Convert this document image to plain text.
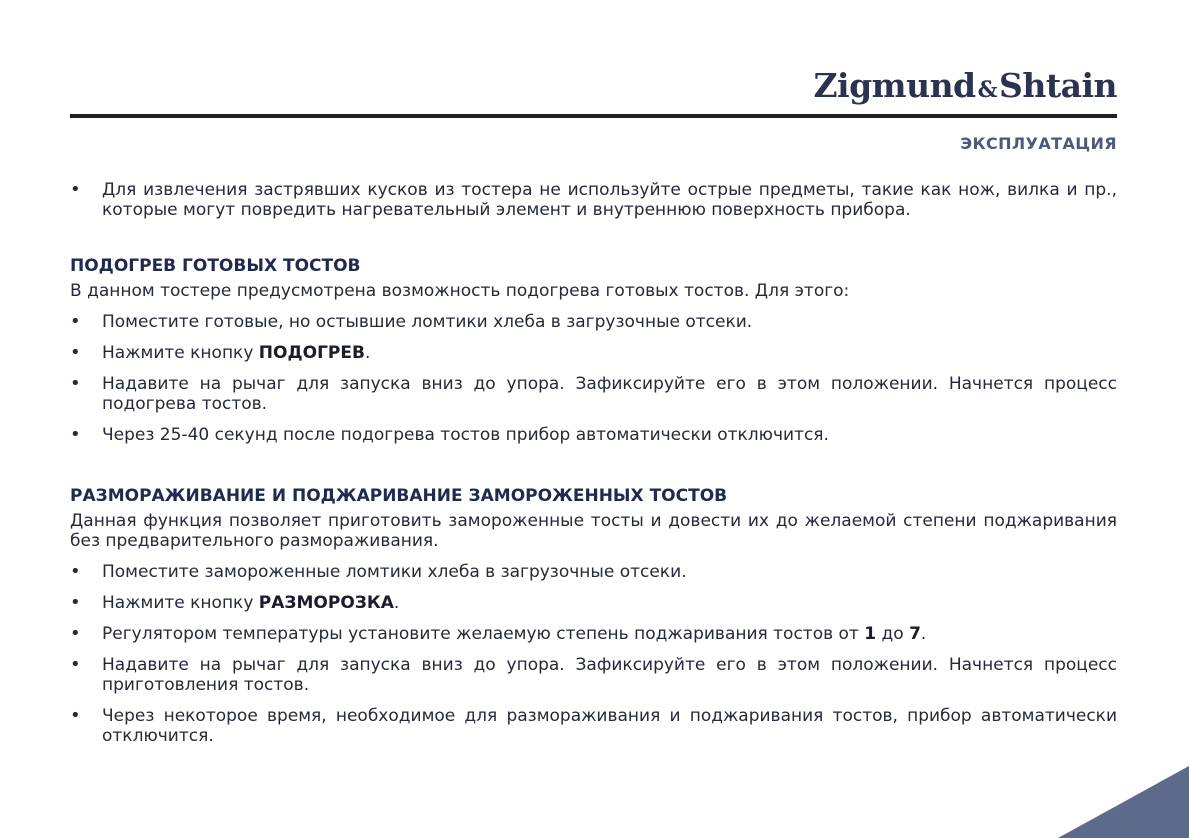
Zigmund&Shtain
ЭКСПЛУАТАЦИЯ
• Для извлечения застрявших кусков из тостера не используйте острые предметы, такие как нож, вилка и пр., которые могут повредить нагревательный элемент и внутреннюю поверхность прибора.
ПОДОГРЕВ ГОТОВЫХ ТОСТОВ

В данном тостере предусмотрена возможность подогрева готовых тостов. Для этого:

• Поместите готовые, но остывшие ломтики хлеба в загрузочные отсеки.
• Нажмите кнопку ПОДОГРЕВ.
• Надавите на рычаг для запуска вниз до упора. Зафиксируйте его в этом положении. Начнется процесс подогрева тостов.
• Через 25-40 секунд после подогрева тостов прибор автоматически отключится.
РАЗМОРАЖИВАНИЕ И ПОДЖАРИВАНИЕ ЗАМОРОЖЕННЫХ ТОСТОВ

Данная функция позволяет приготовить замороженные тосты и довести их до желаемой степени поджаривания без предварительного размораживания.

• Поместите замороженные ломтики хлеба в загрузочные отсеки.
• Нажмите кнопку РАЗМОРОЗКА.
• Регулятором температуры установите желаемую степень поджаривания тостов от 1 до 7.
• Надавите на рычаг для запуска вниз до упора. Зафиксируйте его в этом положении. Начнется процесс приготовления тостов.
• Через некоторое время, необходимое для размораживания и поджаривания тостов, прибор автоматически отключится.
